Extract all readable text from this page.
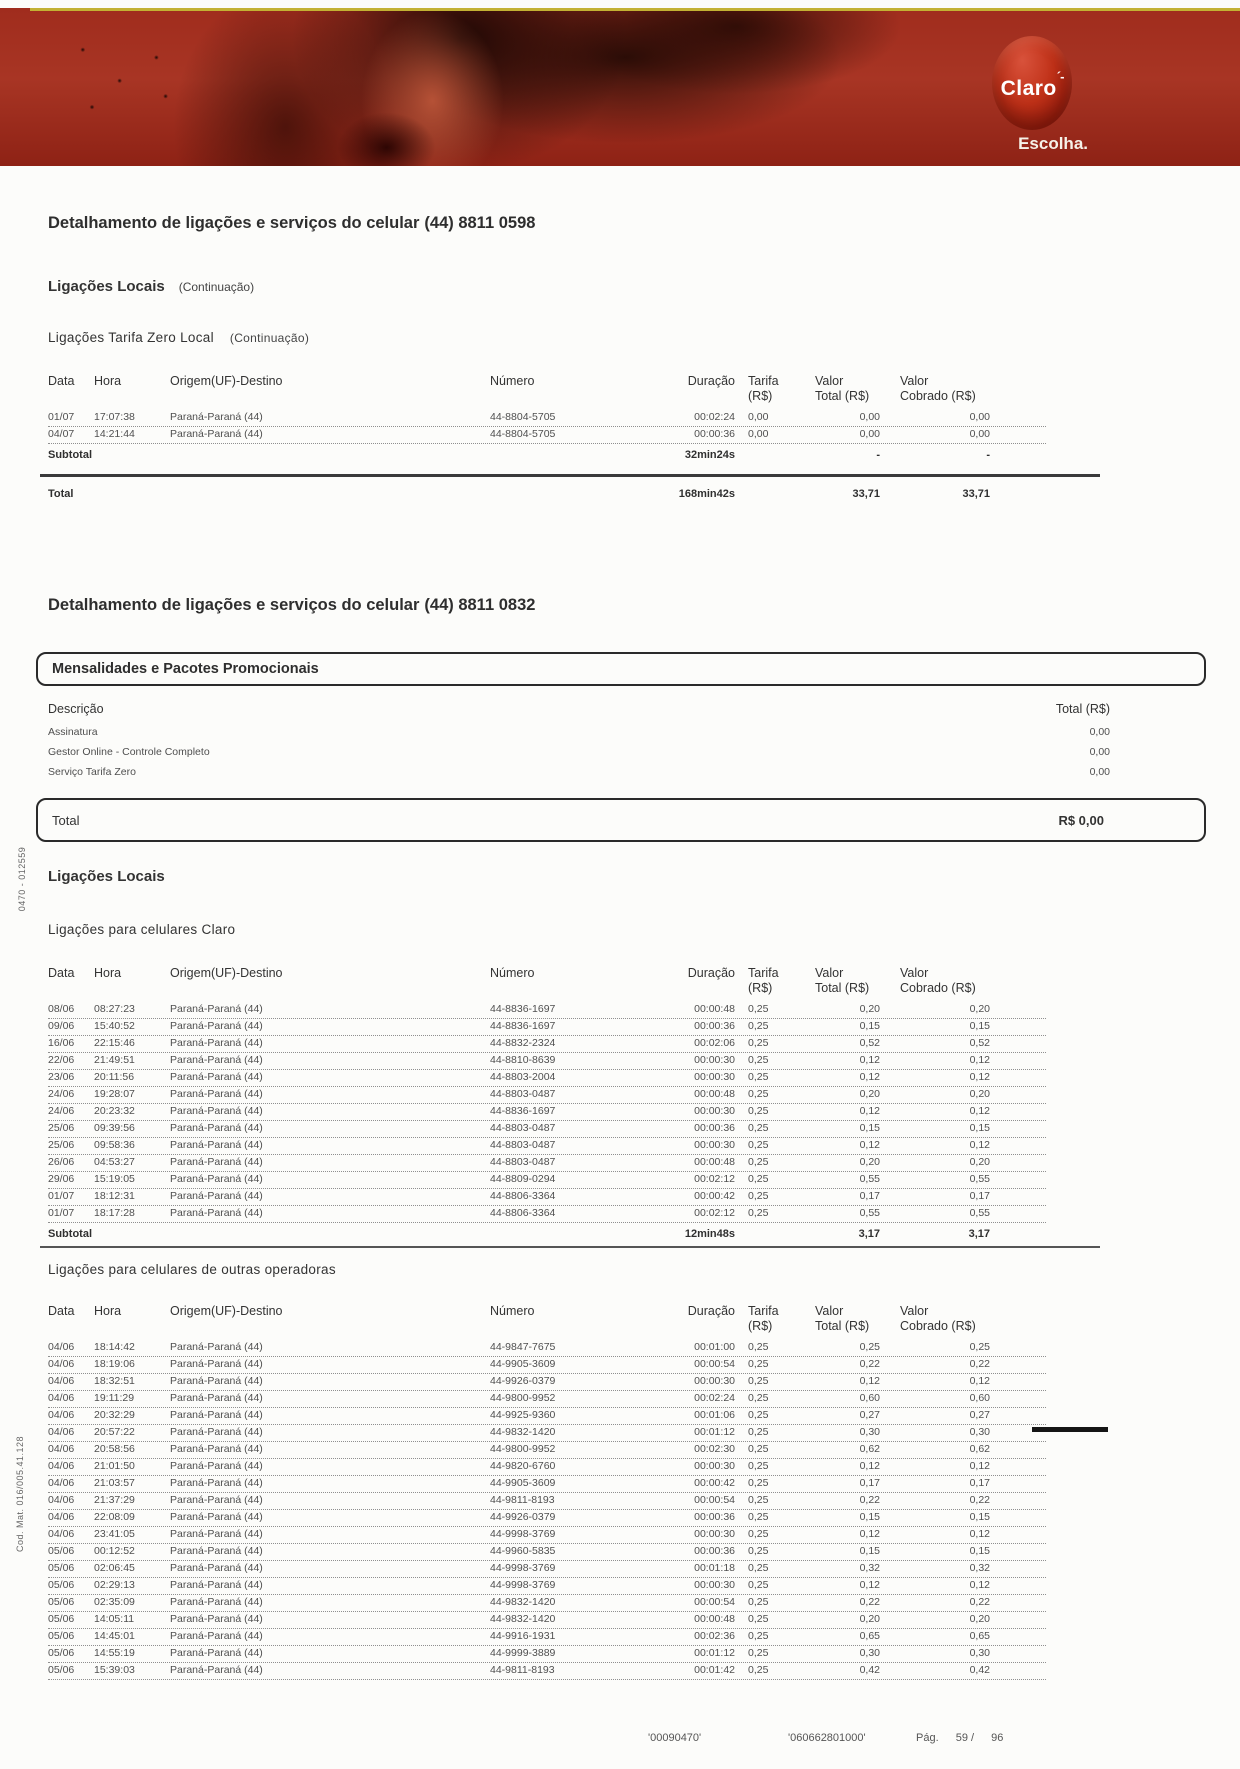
Claro´-
Escolha.
Detalhamento de ligações e serviços do celular (44) 8811 0598
Ligações Locais (Continuação)
Ligações Tarifa Zero Local (Continuação)
Data	Hora	Origem(UF)-Destino	Número	Duração Tarifa
(R$)
Valor
Total (R$)
Valor
Cobrado (R$)
01/07	17:07:38	Paraná-Paraná (44)	44-8804-5705	00:02:24	0,00	0,00	0,00
04/07	14:21:44	Paraná-Paraná (44)	44-8804-5705	00:00:36	0,00	0,00	0,00
Subtotal	32min24s	-	-
Total	168min42s	33,71	33,71
Detalhamento de ligações e serviços do celular (44) 8811 0832
Mensalidades e Pacotes Promocionais
Descrição	Total (R$)
Assinatura	0,00
Gestor Online - Controle Completo	0,00
Serviço Tarifa Zero	0,00
Total	R$ 0,00
Ligações Locais
Ligações para celulares Claro
Data	Hora	Origem(UF)-Destino	Número	Duração Tarifa
(R$)
Valor
Total (R$)
Valor
Cobrado (R$)
08/06	08:27:23	Paraná-Paraná (44)	44-8836-1697	00:00:48	0,25	0,20	0,20
09/06	15:40:52	Paraná-Paraná (44)	44-8836-1697	00:00:36	0,25	0,15	0,15
16/06	22:15:46	Paraná-Paraná (44)	44-8832-2324	00:02:06	0,25	0,52	0,52
22/06	21:49:51	Paraná-Paraná (44)	44-8810-8639	00:00:30	0,25	0,12	0,12
23/06	20:11:56	Paraná-Paraná (44)	44-8803-2004	00:00:30	0,25	0,12	0,12
24/06	19:28:07	Paraná-Paraná (44)	44-8803-0487	00:00:48	0,25	0,20	0,20
24/06	20:23:32	Paraná-Paraná (44)	44-8836-1697	00:00:30	0,25	0,12	0,12
25/06	09:39:56	Paraná-Paraná (44)	44-8803-0487	00:00:36	0,25	0,15	0,15
25/06	09:58:36	Paraná-Paraná (44)	44-8803-0487	00:00:30	0,25	0,12	0,12
26/06	04:53:27	Paraná-Paraná (44)	44-8803-0487	00:00:48	0,25	0,20	0,20
29/06	15:19:05	Paraná-Paraná (44)	44-8809-0294	00:02:12	0,25	0,55	0,55
01/07	18:12:31	Paraná-Paraná (44)	44-8806-3364	00:00:42	0,25	0,17	0,17
01/07	18:17:28	Paraná-Paraná (44)	44-8806-3364	00:02:12	0,25	0,55	0,55
Subtotal	12min48s	3,17	3,17
Ligações para celulares de outras operadoras
Data	Hora	Origem(UF)-Destino	Número	Duração Tarifa
(R$)
Valor
Total (R$)
Valor
Cobrado (R$)
04/06	18:14:42	Paraná-Paraná (44)	44-9847-7675	00:01:00	0,25	0,25	0,25
04/06	18:19:06	Paraná-Paraná (44)	44-9905-3609	00:00:54	0,25	0,22	0,22
04/06	18:32:51	Paraná-Paraná (44)	44-9926-0379	00:00:30	0,25	0,12	0,12
04/06	19:11:29	Paraná-Paraná (44)	44-9800-9952	00:02:24	0,25	0,60	0,60
04/06	20:32:29	Paraná-Paraná (44)	44-9925-9360	00:01:06	0,25	0,27	0,27
04/06	20:57:22	Paraná-Paraná (44)	44-9832-1420	00:01:12	0,25	0,30	0,30
04/06	20:58:56	Paraná-Paraná (44)	44-9800-9952	00:02:30	0,25	0,62	0,62
04/06	21:01:50	Paraná-Paraná (44)	44-9820-6760	00:00:30	0,25	0,12	0,12
04/06	21:03:57	Paraná-Paraná (44)	44-9905-3609	00:00:42	0,25	0,17	0,17
04/06	21:37:29	Paraná-Paraná (44)	44-9811-8193	00:00:54	0,25	0,22	0,22
04/06	22:08:09	Paraná-Paraná (44)	44-9926-0379	00:00:36	0,25	0,15	0,15
04/06	23:41:05	Paraná-Paraná (44)	44-9998-3769	00:00:30	0,25	0,12	0,12
05/06	00:12:52	Paraná-Paraná (44)	44-9960-5835	00:00:36	0,25	0,15	0,15
05/06	02:06:45	Paraná-Paraná (44)	44-9998-3769	00:01:18	0,25	0,32	0,32
05/06	02:29:13	Paraná-Paraná (44)	44-9998-3769	00:00:30	0,25	0,12	0,12
05/06	02:35:09	Paraná-Paraná (44)	44-9832-1420	00:00:54	0,25	0,22	0,22
05/06	14:05:11	Paraná-Paraná (44)	44-9832-1420	00:00:48	0,25	0,20	0,20
05/06	14:45:01	Paraná-Paraná (44)	44-9916-1931	00:02:36	0,25	0,65	0,65
05/06	14:55:19	Paraná-Paraná (44)	44-9999-3889	00:01:12	0,25	0,30	0,30
05/06	15:39:03	Paraná-Paraná (44)	44-9811-8193	00:01:42	0,25	0,42	0,42
0470 - 012559
Cod. Mat. 016/005.41.128
'00090470'	'060662801000'	Pág. 59 / 96
